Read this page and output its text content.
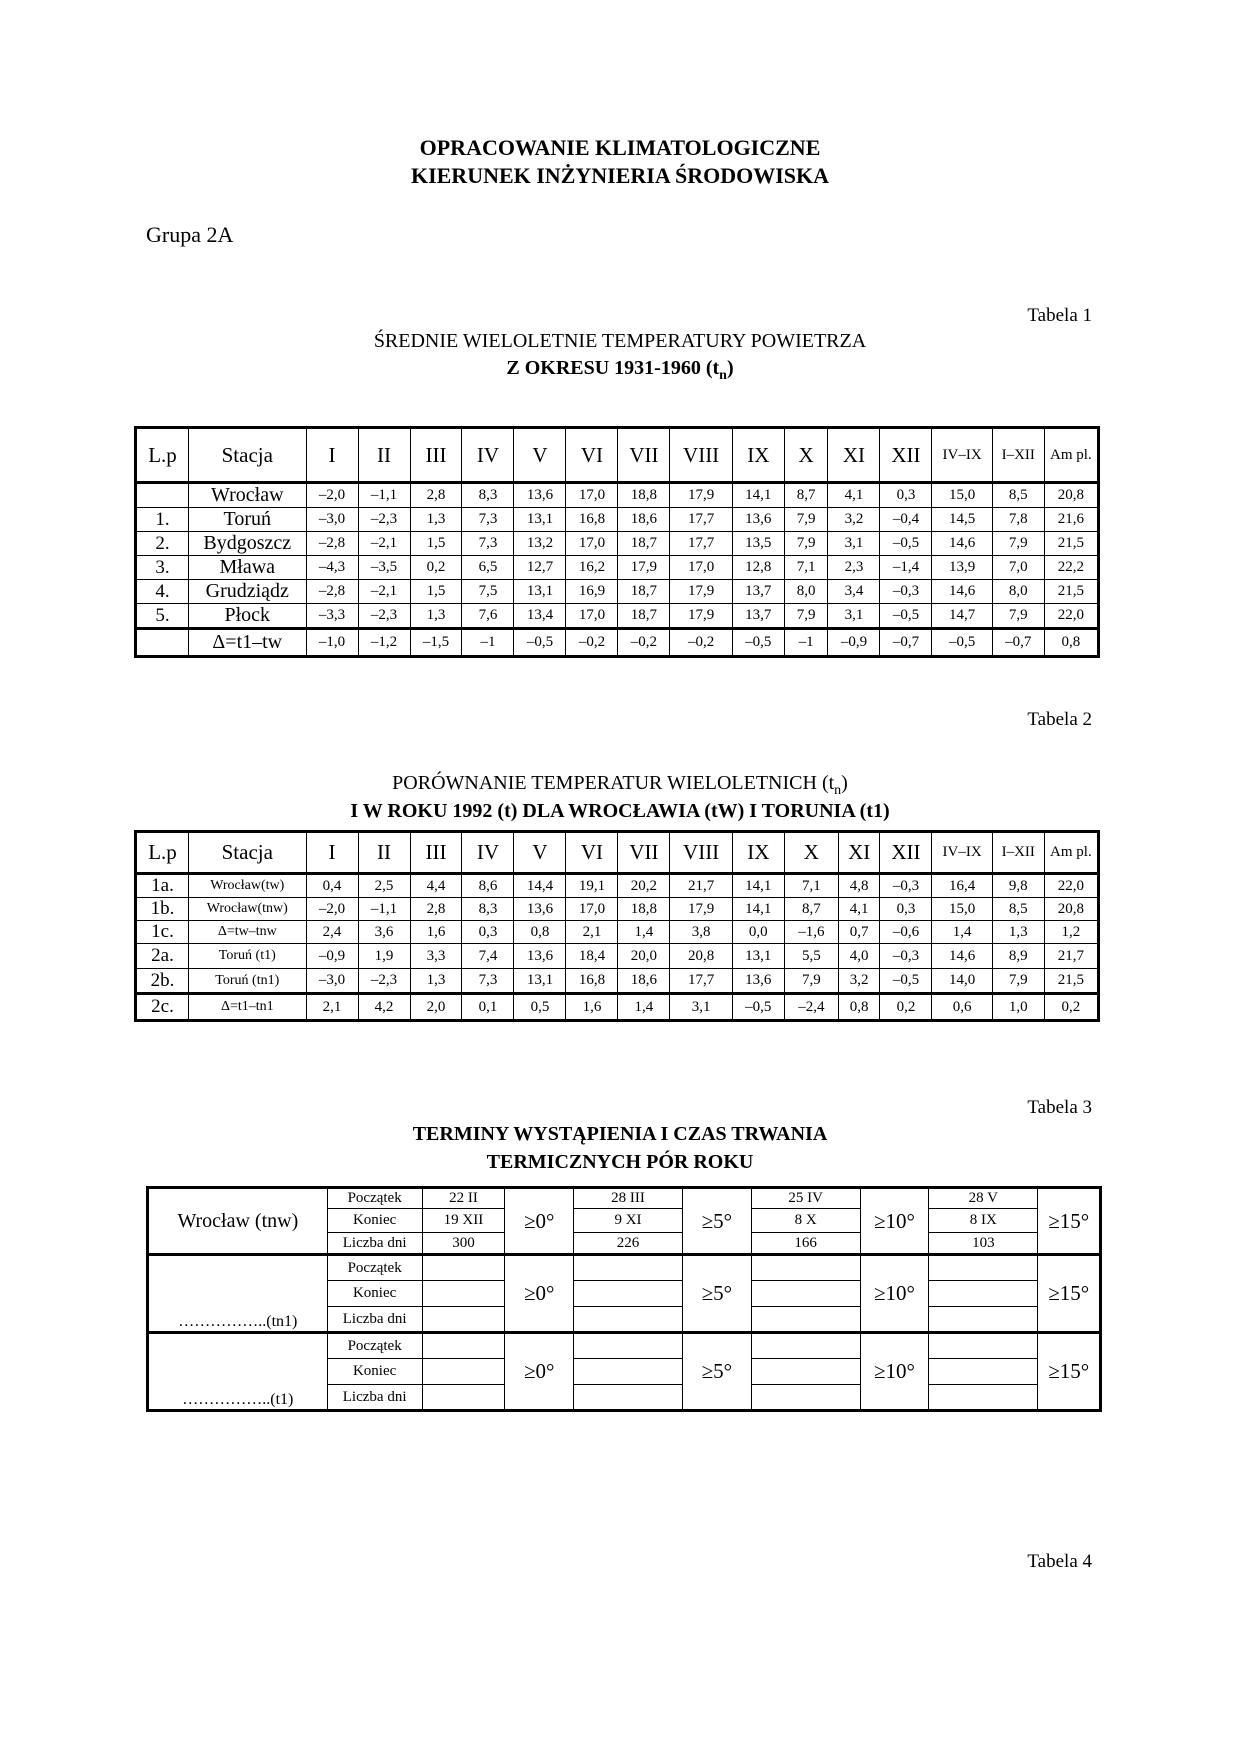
OPRACOWANIE KLIMATOLOGICZNE
KIERUNEK INŻYNIERIA ŚRODOWISKA
Grupa 2A
Tabela 1
ŚREDNIE WIELOLETNIE TEMPERATURY POWIETRZA
Z OKRESU 1931-1960 $(t_n)$
L.p	Stacja	I	II	III	IV	V	VI	VII	VIII	IX	X	XI	XII	IV–IX	I–XII	Am pl.
	Wrocław	–2,0	–1,1	2,8	8,3	13,6	17,0	18,8	17,9	14,1	8,7	4,1	0,3	15,0	8,5	20,8
1.	Toruń	–3,0	–2,3	1,3	7,3	13,1	16,8	18,6	17,7	13,6	7,9	3,2	–0,4	14,5	7,8	21,6
2.	Bydgoszcz	–2,8	–2,1	1,5	7,3	13,2	17,0	18,7	17,7	13,5	7,9	3,1	–0,5	14,6	7,9	21,5
3.	Mława	–4,3	–3,5	0,2	6,5	12,7	16,2	17,9	17,0	12,8	7,1	2,3	–1,4	13,9	7,0	22,2
4.	Grudziądz	–2,8	–2,1	1,5	7,5	13,1	16,9	18,7	17,9	13,7	8,0	3,4	–0,3	14,6	8,0	21,5
5.	Płock	–3,3	–2,3	1,3	7,6	13,4	17,0	18,7	17,9	13,7	7,9	3,1	–0,5	14,7	7,9	22,0
	Δ=t1–tw	–1,0	–1,2	–1,5	–1	–0,5	–0,2	–0,2	–0,2	–0,5	–1	–0,9	–0,7	–0,5	–0,7	0,8
Tabela 2
PORÓWNANIE TEMPERATUR WIELOLETNICH $(t_n)$
I W ROKU 1992 (t) DLA WROCŁAWIA (tW) I TORUNIA (t1)
L.p	Stacja	I	II	III	IV	V	VI	VII	VIII	IX	X	XI	XII	IV–IX	I–XII	Am pl.
1a.	Wrocław(tw)	0,4	2,5	4,4	8,6	14,4	19,1	20,2	21,7	14,1	7,1	4,8	–0,3	16,4	9,8	22,0
1b.	Wrocław(tnw)	–2,0	–1,1	2,8	8,3	13,6	17,0	18,8	17,9	14,1	8,7	4,1	0,3	15,0	8,5	20,8
1c.	Δ=tw–tnw	2,4	3,6	1,6	0,3	0,8	2,1	1,4	3,8	0,0	–1,6	0,7	–0,6	1,4	1,3	1,2
2a.	Toruń (t1)	–0,9	1,9	3,3	7,4	13,6	18,4	20,0	20,8	13,1	5,5	4,0	–0,3	14,6	8,9	21,7
2b.	Toruń (tn1)	–3,0	–2,3	1,3	7,3	13,1	16,8	18,6	17,7	13,6	7,9	3,2	–0,5	14,0	7,9	21,5
2c.	Δ=t1–tn1	2,1	4,2	2,0	0,1	0,5	1,6	1,4	3,1	–0,5	–2,4	0,8	0,2	0,6	1,0	0,2
Tabela 3
TERMINY WYSTĄPIENIA I CZAS TRWANIA
TERMICZNYCH PÓR ROKU
Wrocław (tnw)	Początek	22 II	≥0°	28 III	≥5°	25 IV	≥10°	28 V	≥15°
	Koniec	19 XII		9 XI		8 X		8 IX	
	Liczba dni	300		226		166		103	
……………..(tn1)	Początek		≥0°		≥5°		≥10°		≥15°
	Koniec								
	Liczba dni								
……………..(t1)	Początek		≥0°		≥5°		≥10°		≥15°
	Koniec								
	Liczba dni								
Tabela 4
